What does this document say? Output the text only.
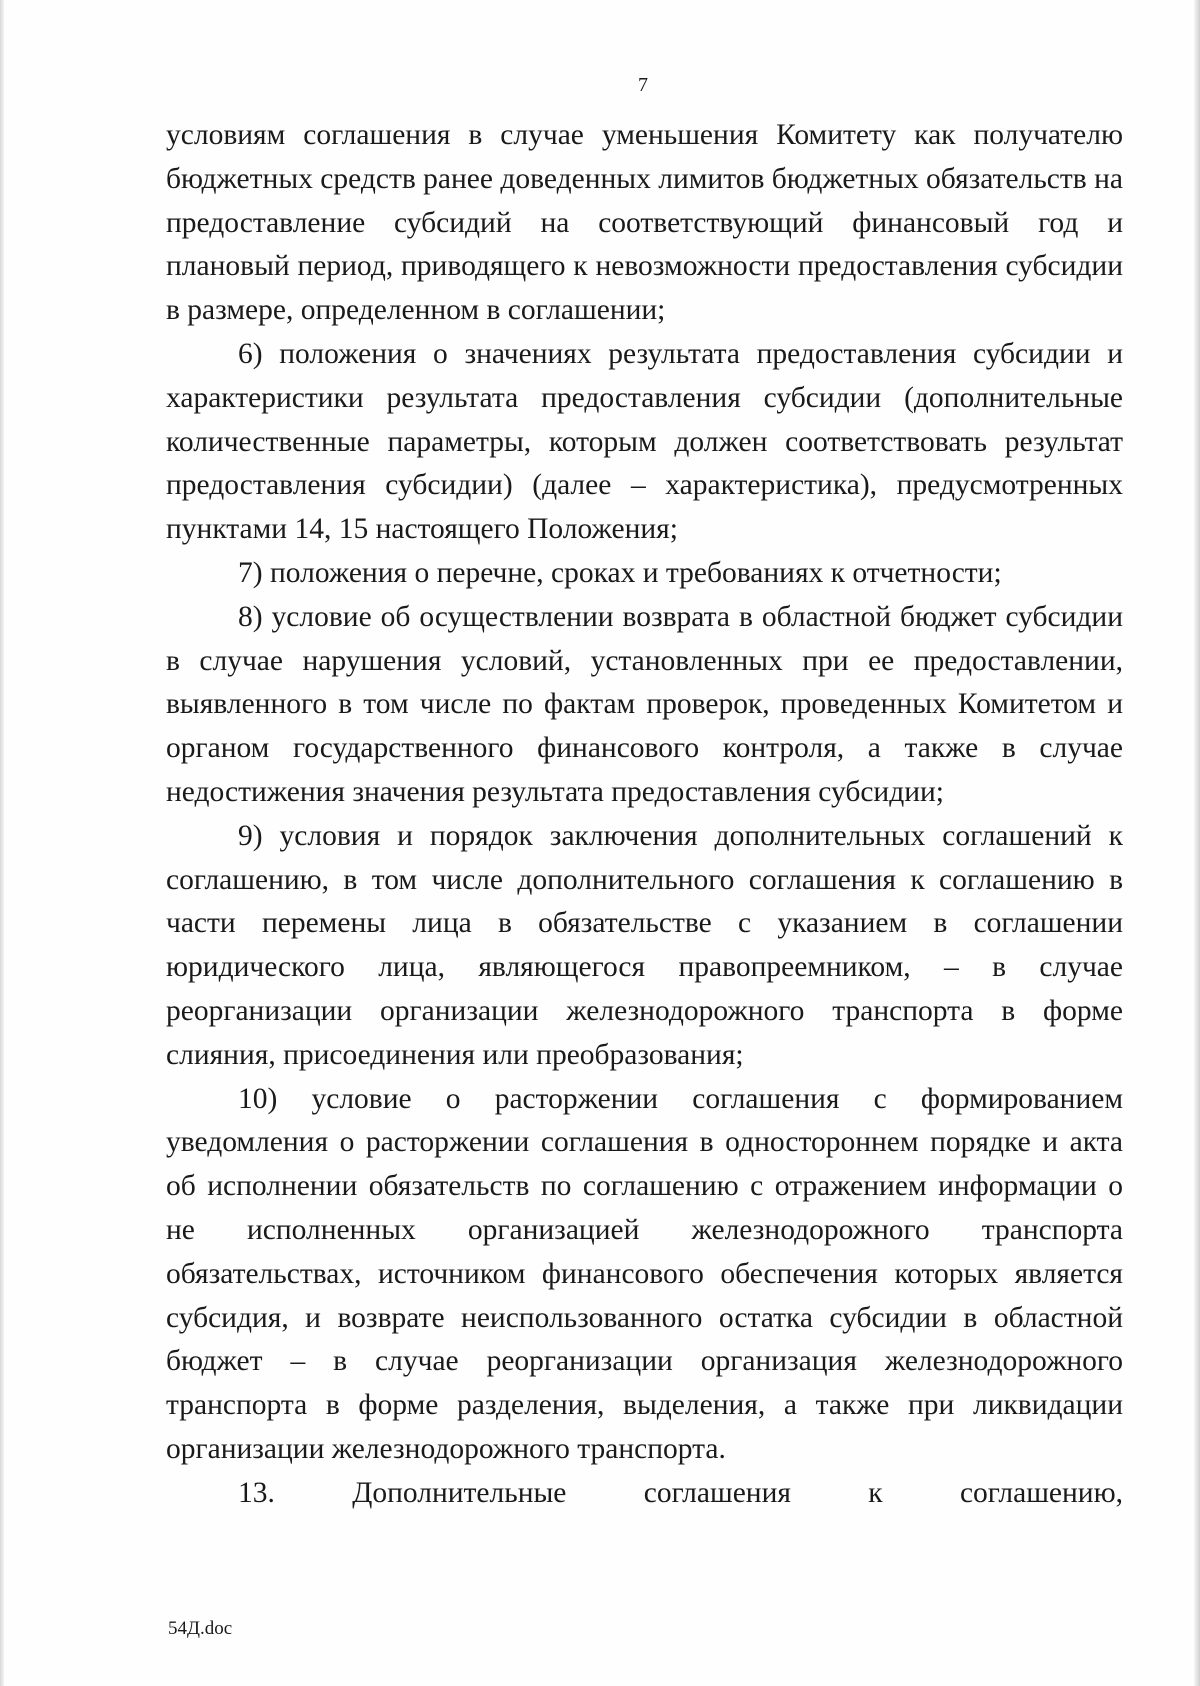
7

условиям соглашения в случае уменьшения Комитету как получателю бюджетных средств ранее доведенных лимитов бюджетных обязательств на предоставление субсидий на соответствующий финансовый год и плановый период, приводящего к невозможности предоставления субсидии в размере, определенном в соглашении;

6) положения о значениях результата предоставления субсидии и характеристики результата предоставления субсидии (дополнительные количественные параметры, которым должен соответствовать результат предоставления субсидии) (далее – характеристика), предусмотренных пунктами 14, 15 настоящего Положения;

7) положения о перечне, сроках и требованиях к отчетности;

8) условие об осуществлении возврата в областной бюджет субсидии в случае нарушения условий, установленных при ее предоставлении, выявленного в том числе по фактам проверок, проведенных Комитетом и органом государственного финансового контроля, а также в случае недостижения значения результата предоставления субсидии;

9) условия и порядок заключения дополнительных соглашений к соглашению, в том числе дополнительного соглашения к соглашению в части перемены лица в обязательстве с указанием в соглашении юридического лица, являющегося правопреемником, – в случае реорганизации организации железнодорожного транспорта в форме слияния, присоединения или преобразования;

10) условие о расторжении соглашения с формированием уведомления о расторжении соглашения в одностороннем порядке и акта об исполнении обязательств по соглашению с отражением информации о не исполненных организацией железнодорожного транспорта обязательствах, источником финансового обеспечения которых является субсидия, и возврате неиспользованного остатка субсидии в областной бюджет – в случае реорганизации организация железнодорожного транспорта в форме разделения, выделения, а также при ликвидации организации железнодорожного транспорта.

13. Дополнительные соглашения к соглашению,

54Д.doc
